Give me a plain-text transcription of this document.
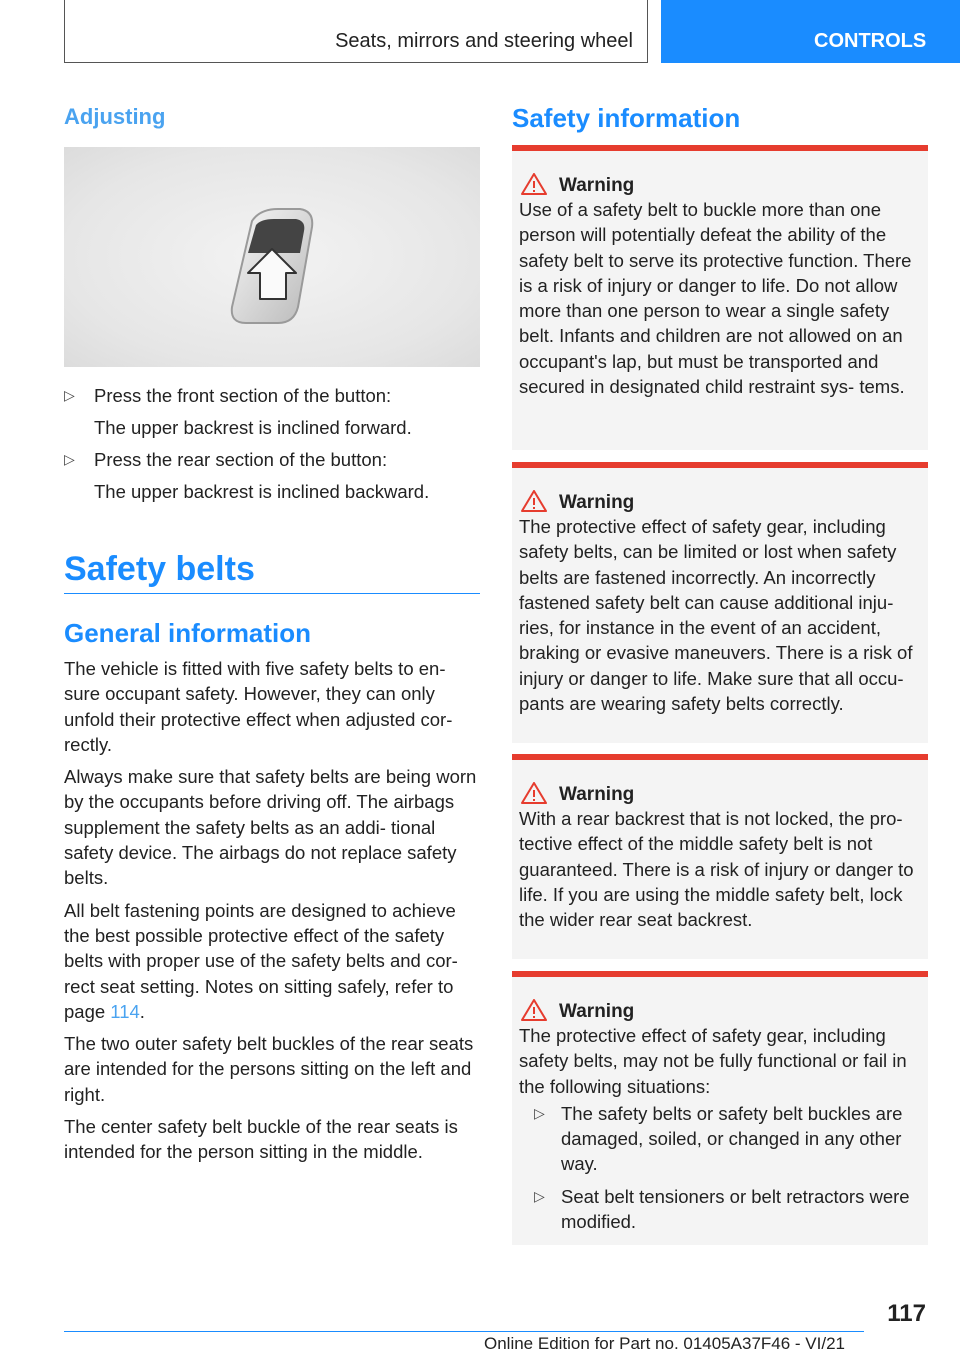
Seats, mirrors and steering wheel	CONTROLS
Adjusting
▷ Press the front section of the button:
The upper backrest is inclined forward.
▷ Press the rear section of the button:
The upper backrest is inclined backward.
Safety belts
General information

The vehicle is fitted with five safety belts to en‐ sure occupant safety. However, they can only unfold their protective effect when adjusted cor‐ rectly.

Always make sure that safety belts are being worn by the occupants before driving off. The airbags supplement the safety belts as an addi‐ tional safety device. The airbags do not replace safety belts.

All belt fastening points are designed to achieve the best possible protective effect of the safety belts with proper use of the safety belts and cor‐ rect seat setting. Notes on sitting safely, refer to page 114.

The two outer safety belt buckles of the rear seats are intended for the persons sitting on the left and right.

The center safety belt buckle of the rear seats is intended for the person sitting in the middle.

Safety information
Warning
Use of a safety belt to buckle more than one person will potentially defeat the ability of the safety belt to serve its protective function. There is a risk of injury or danger to life. Do not allow more than one person to wear a single safety belt. Infants and children are not allowed on an occupant's lap, but must be transported and secured in designated child restraint sys‐ tems.
Warning
The protective effect of safety gear, including safety belts, can be limited or lost when safety belts are fastened incorrectly. An incorrectly fastened safety belt can cause additional inju‐ ries, for instance in the event of an accident, braking or evasive maneuvers. There is a risk of injury or danger to life. Make sure that all occu‐ pants are wearing safety belts correctly.
Warning
With a rear backrest that is not locked, the pro‐ tective effect of the middle safety belt is not guaranteed. There is a risk of injury or danger to life. If you are using the middle safety belt, lock the wider rear seat backrest.
Warning
The protective effect of safety gear, including safety belts, may not be fully functional or fail in the following situations:
▷ The safety belts or safety belt buckles are damaged, soiled, or changed in any other way.
▷ Seat belt tensioners or belt retractors were modified.
117
Online Edition for Part no. 01405A37F46 - VI/21
